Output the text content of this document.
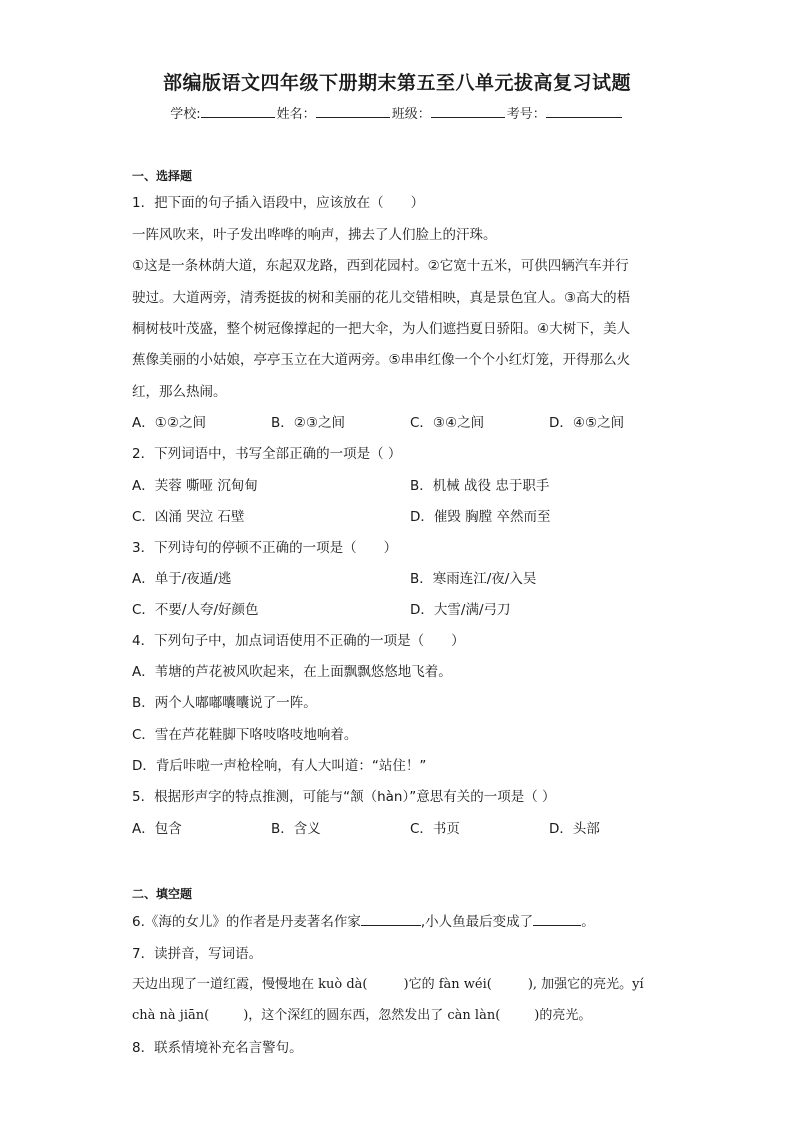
部编版语文四年级下册期末第五至八单元拔高复习试题
学校:	姓名：	班级：	考号：
一、选择题
1．把下面的句子插入语段中，应该放在（　　）
一阵风吹来，叶子发出哗哗的响声，拂去了人们脸上的汗珠。
①这是一条林荫大道，东起双龙路，西到花园村。②它宽十五米，可供四辆汽车并行
驶过。大道两旁，清秀挺拔的树和美丽的花儿交错相映，真是景色宜人。③高大的梧
桐树枝叶茂盛，整个树冠像撑起的一把大伞，为人们遮挡夏日骄阳。④大树下，美人
蕉像美丽的小姑娘，亭亭玉立在大道两旁。⑤串串红像一个个小红灯笼，开得那么火
红，那么热闹。
A．①②之间	B．②③之间	C．③④之间	D．④⑤之间
2．下列词语中，书写全部正确的一项是（ ）
A．芙蓉 嘶哑 沉甸甸	B．机械 战役 忠于职手
C．凶涌 哭泣 石壁	D．催毁 胸膛 卒然而至
3．下列诗句的停顿不正确的一项是（　　）
A．单于/夜遁/逃	B．寒雨连江/夜/入吴
C．不要/人夸/好颜色	D．大雪/满/弓刀
4．下列句子中，加点词语使用不正确的一项是（　　）
A．苇塘的芦花被风吹起来，在上面飘飘悠悠地飞着。
B．两个人嘟嘟囔囔说了一阵。
C．雪在芦花鞋脚下咯吱咯吱地响着。
D．背后咔啦一声枪栓响，有人大叫道：“站住！”
5．根据形声字的特点推测，可能与“颔（hàn）”意思有关的一项是（ ）
A．包含	B．含义	C．书页	D．头部
二、填空题
6.《海的女儿》的作者是丹麦著名作家	,小人鱼最后变成了	。
7．读拼音，写词语。
天边出现了一道红霞，慢慢地在 kuò dà(	)它的 fàn wéi(	), 加强它的亮光。yí
chà nà jiān(	)，这个深红的圆东西，忽然发出了 càn làn(	)的亮光。
8．联系情境补充名言警句。
